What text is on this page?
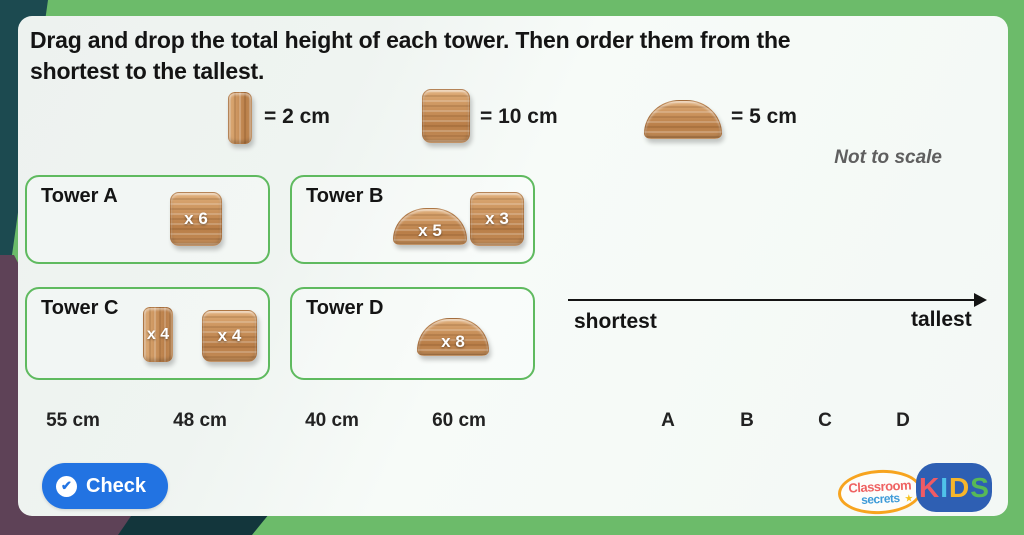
Drag and drop the total height of each tower. Then order them from the shortest to the tallest.
= 2 cm	= 10 cm	= 5 cm
Not to scale
Tower A
x 6
Tower B
x 5
x 3
Tower C
x 4	x 4
Tower D
x 8
shortest	tallest
55 cm	48 cm	40 cm	60 cm	A	B	C	D
✔ Check	Classroom
secrets ★ K I D S
